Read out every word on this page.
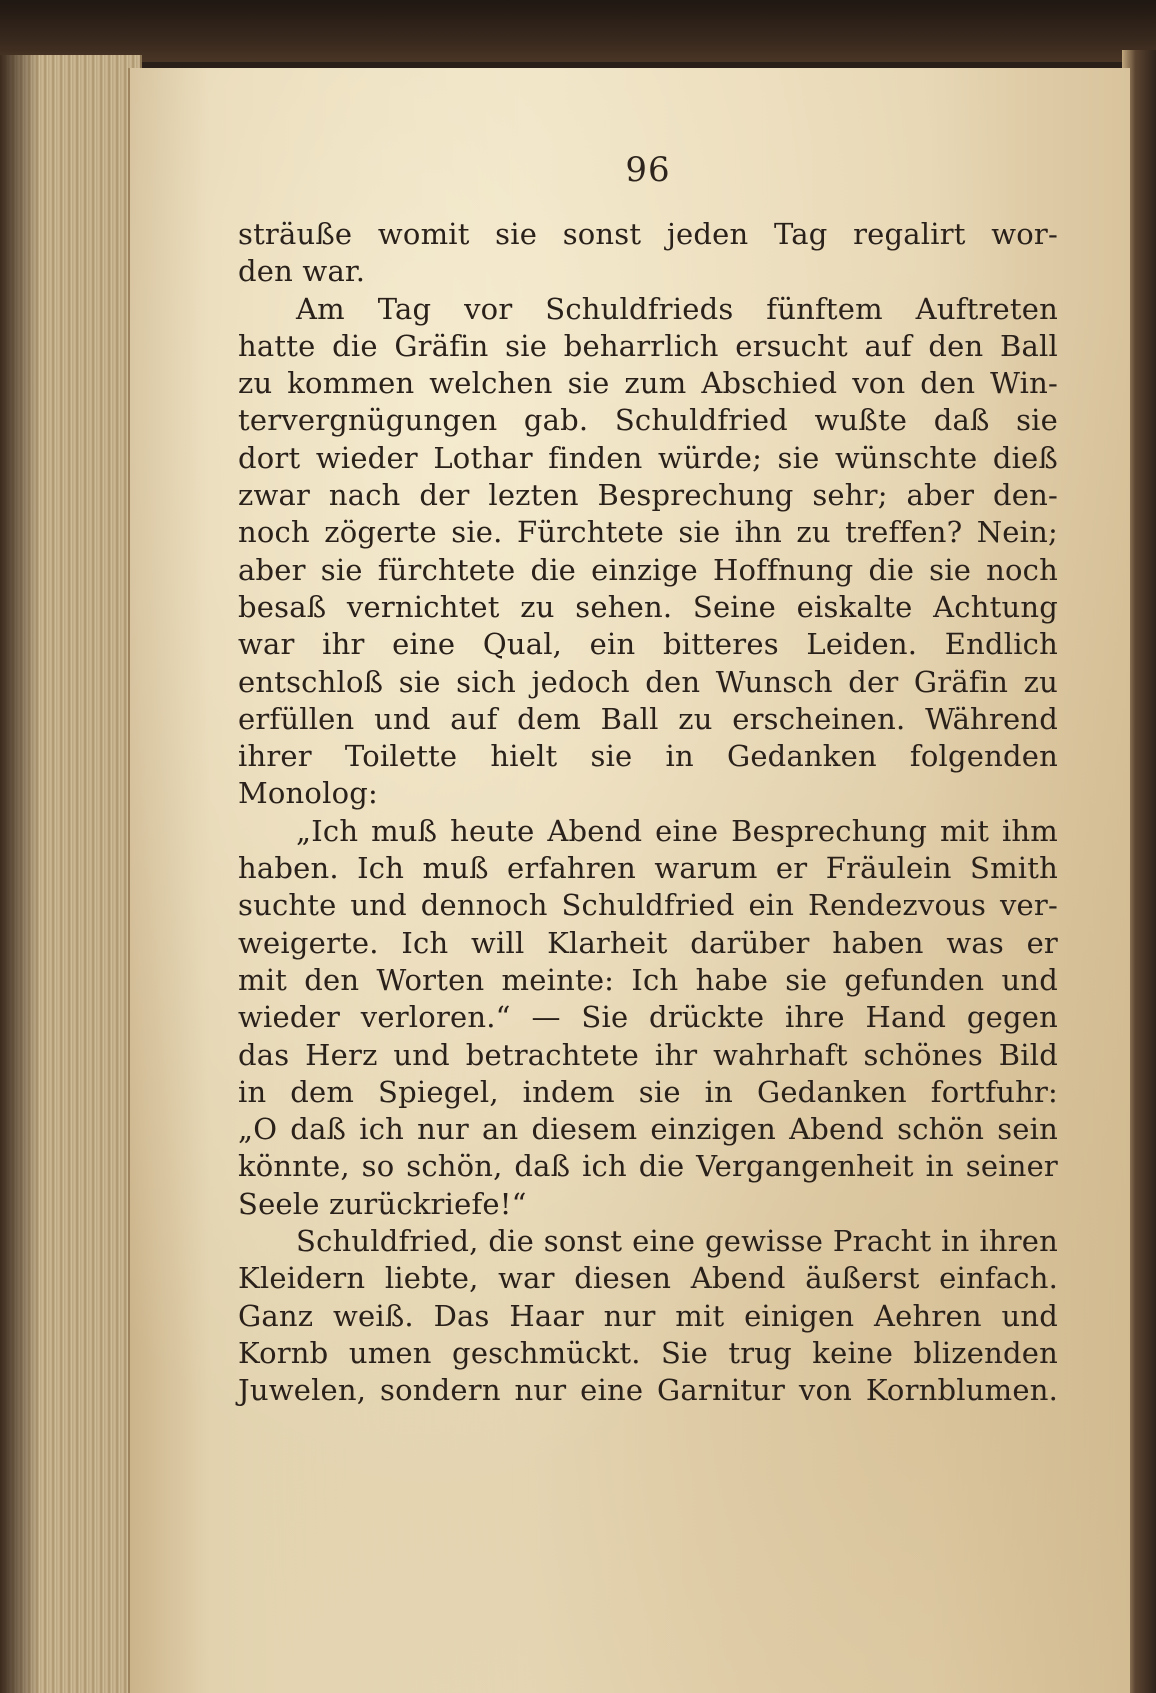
96
sträuße womit sie sonst jeden Tag regalirt wor-
den war.
Am Tag vor Schuldfrieds fünftem Auftreten
hatte die Gräfin sie beharrlich ersucht auf den Ball
zu kommen welchen sie zum Abschied von den Win-
tervergnügungen gab. Schuldfried wußte daß sie
dort wieder Lothar finden würde; sie wünschte dieß
zwar nach der lezten Besprechung sehr; aber den-
noch zögerte sie. Fürchtete sie ihn zu treffen? Nein;
aber sie fürchtete die einzige Hoffnung die sie noch
besaß vernichtet zu sehen. Seine eiskalte Achtung
war ihr eine Qual, ein bitteres Leiden. Endlich
entschloß sie sich jedoch den Wunsch der Gräfin zu
erfüllen und auf dem Ball zu erscheinen. Während
ihrer Toilette hielt sie in Gedanken folgenden
Monolog:
„Ich muß heute Abend eine Besprechung mit ihm
haben. Ich muß erfahren warum er Fräulein Smith
suchte und dennoch Schuldfried ein Rendezvous ver-
weigerte. Ich will Klarheit darüber haben was er
mit den Worten meinte: Ich habe sie gefunden und
wieder verloren.“ — Sie drückte ihre Hand gegen
das Herz und betrachtete ihr wahrhaft schönes Bild
in dem Spiegel, indem sie in Gedanken fortfuhr:
„O daß ich nur an diesem einzigen Abend schön sein
könnte, so schön, daß ich die Vergangenheit in seiner
Seele zurückriefe!“
Schuldfried, die sonst eine gewisse Pracht in ihren
Kleidern liebte, war diesen Abend äußerst einfach.
Ganz weiß. Das Haar nur mit einigen Aehren und
Kornb umen geschmückt. Sie trug keine blizenden
Juwelen, sondern nur eine Garnitur von Kornblumen.
